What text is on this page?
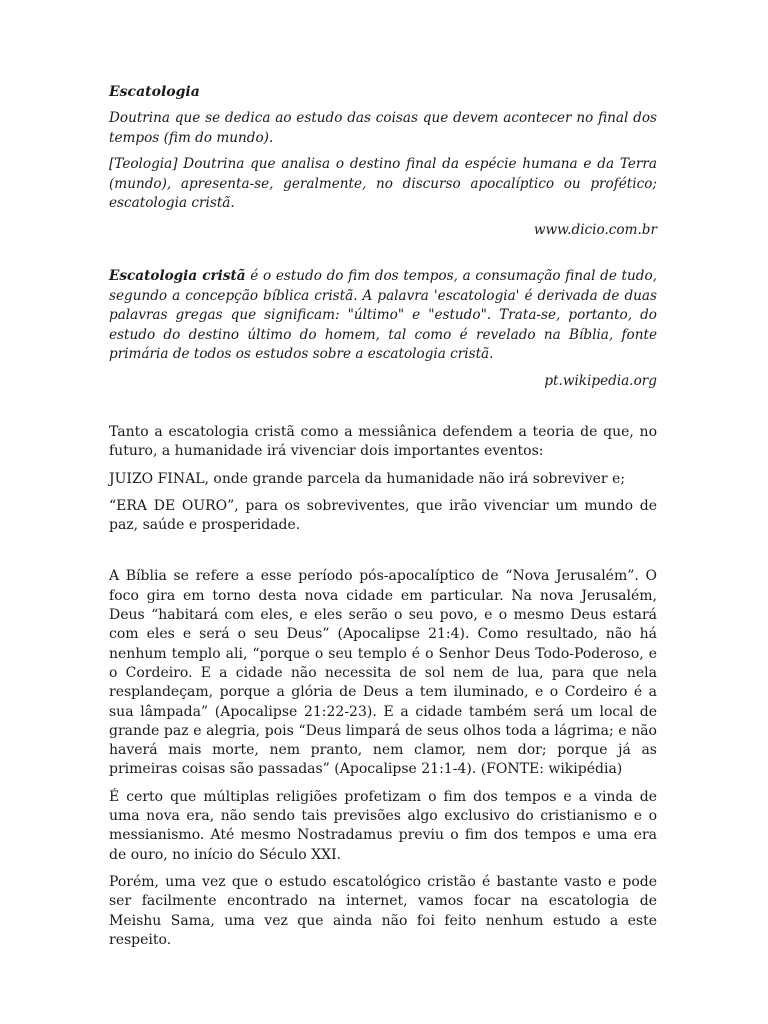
Escatologia

Doutrina que se dedica ao estudo das coisas que devem acontecer no final dos tempos (fim do mundo).

[Teologia] Doutrina que analisa o destino final da espécie humana e da Terra (mundo), apresenta-se, geralmente, no discurso apocalíptico ou profético; escatologia cristã.

www.dicio.com.br

Escatologia cristã é o estudo do fim dos tempos, a consumação final de tudo, segundo a concepção bíblica cristã. A palavra 'escatologia' é derivada de duas palavras gregas que significam: "último" e "estudo". Trata-se, portanto, do estudo do destino último do homem, tal como é revelado na Bíblia, fonte primária de todos os estudos sobre a escatologia cristã.

pt.wikipedia.org

Tanto a escatologia cristã como a messiânica defendem a teoria de que, no futuro, a humanidade irá vivenciar dois importantes eventos:

JUIZO FINAL, onde grande parcela da humanidade não irá sobreviver e;

“ERA DE OURO”, para os sobreviventes, que irão vivenciar um mundo de paz, saúde e prosperidade.

A Bíblia se refere a esse período pós-apocalíptico de “Nova Jerusalém”. O foco gira em torno desta nova cidade em particular. Na nova Jerusalém, Deus “habitará com eles, e eles serão o seu povo, e o mesmo Deus estará com eles e será o seu Deus” (Apocalipse 21:4). Como resultado, não há nenhum templo ali, “porque o seu templo é o Senhor Deus Todo-Poderoso, e o Cordeiro. E a cidade não necessita de sol nem de lua, para que nela resplandeçam, porque a glória de Deus a tem iluminado, e o Cordeiro é a sua lâmpada” (Apocalipse 21:22-23). E a cidade também será um local de grande paz e alegria, pois “Deus limpará de seus olhos toda a lágrima; e não haverá mais morte, nem pranto, nem clamor, nem dor; porque já as primeiras coisas são passadas” (Apocalipse 21:1-4). (FONTE: wikipédia)

É certo que múltiplas religiões profetizam o fim dos tempos e a vinda de uma nova era, não sendo tais previsões algo exclusivo do cristianismo e o messianismo. Até mesmo Nostradamus previu o fim dos tempos e uma era de ouro, no início do Século XXI.

Porém, uma vez que o estudo escatológico cristão é bastante vasto e pode ser facilmente encontrado na internet, vamos focar na escatologia de Meishu Sama, uma vez que ainda não foi feito nenhum estudo a este respeito.
